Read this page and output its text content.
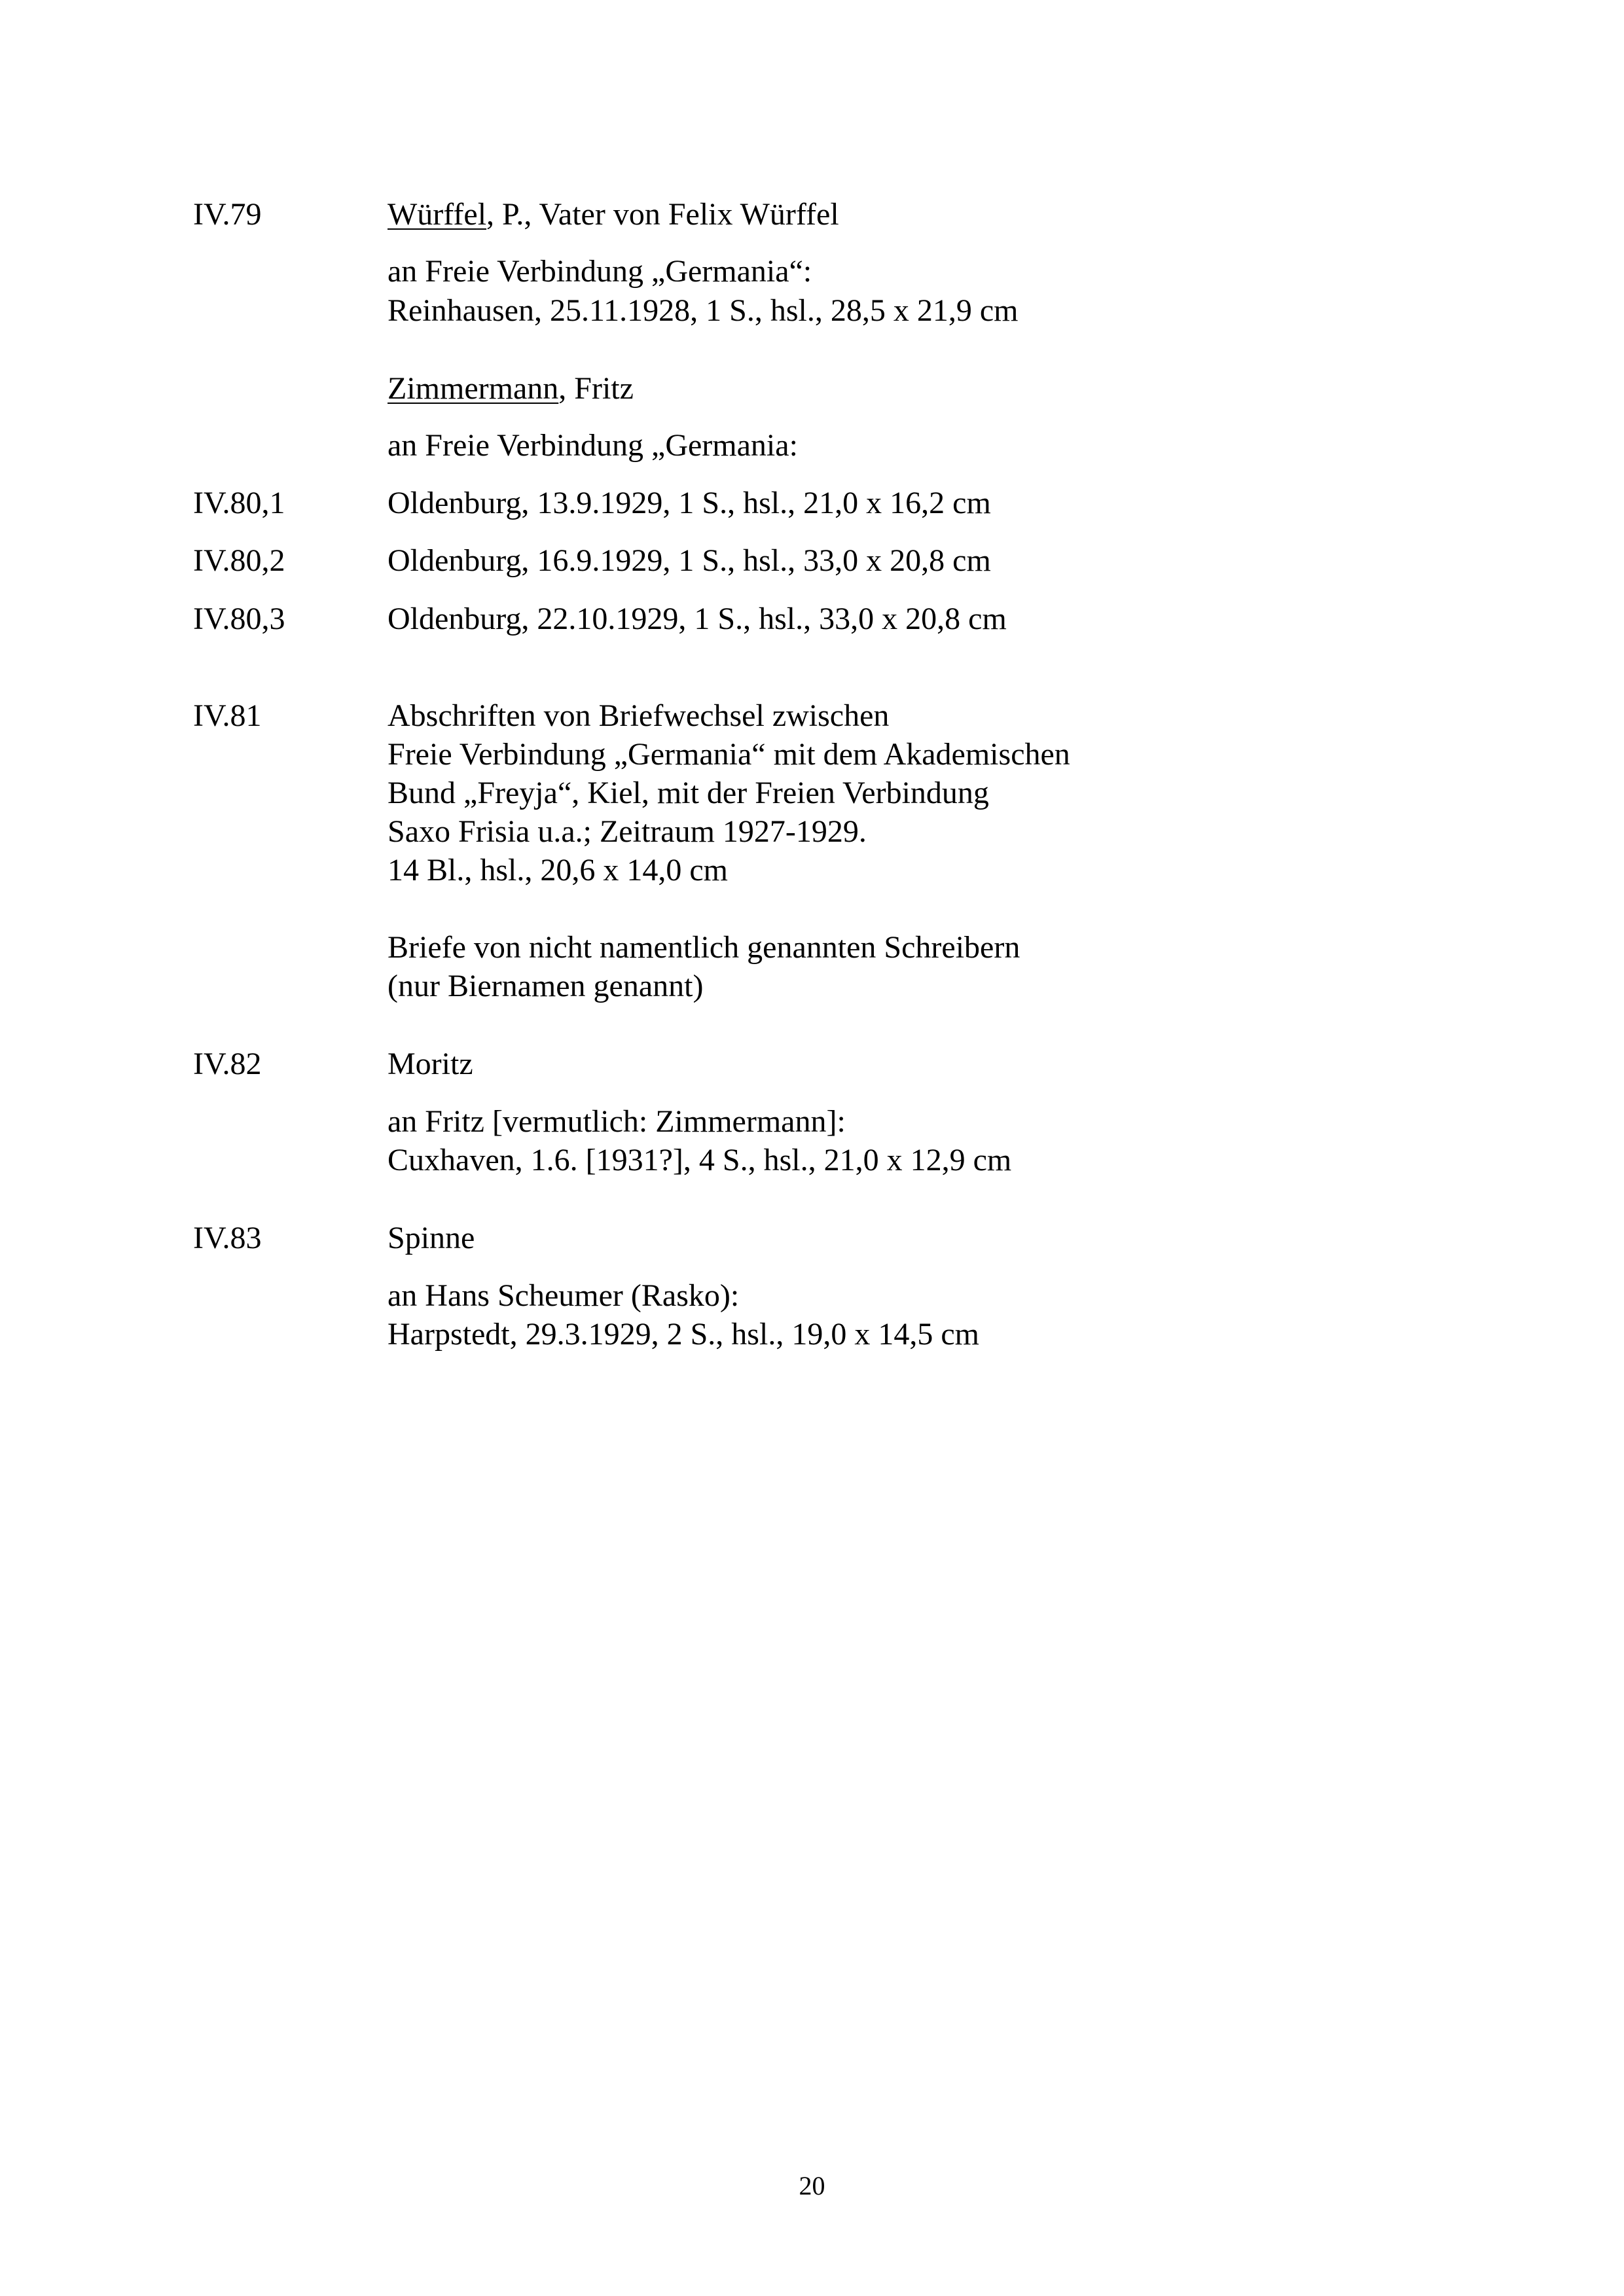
IV.79	Würffel, P., Vater von Felix Würffel
an Freie Verbindung „Germania“:
Reinhausen, 25.11.1928, 1 S., hsl., 28,5 x 21,9 cm
Zimmermann, Fritz
an Freie Verbindung „Germania:
IV.80,1	Oldenburg, 13.9.1929, 1 S., hsl., 21,0 x 16,2 cm
IV.80,2	Oldenburg, 16.9.1929, 1 S., hsl., 33,0 x 20,8 cm
IV.80,3	Oldenburg, 22.10.1929, 1 S., hsl., 33,0 x 20,8 cm
IV.81	Abschriften von Briefwechsel zwischen
Freie Verbindung „Germania“ mit dem Akademischen
Bund „Freyja“, Kiel, mit der Freien Verbindung
Saxo Frisia u.a.; Zeitraum 1927-1929.
14 Bl., hsl., 20,6 x 14,0 cm
Briefe von nicht namentlich genannten Schreibern
(nur Biernamen genannt)
IV.82	Moritz
an Fritz [vermutlich: Zimmermann]:
Cuxhaven, 1.6. [1931?], 4 S., hsl., 21,0 x 12,9 cm
IV.83	Spinne
an Hans Scheumer (Rasko):
Harpstedt, 29.3.1929, 2 S., hsl., 19,0 x 14,5 cm
20
